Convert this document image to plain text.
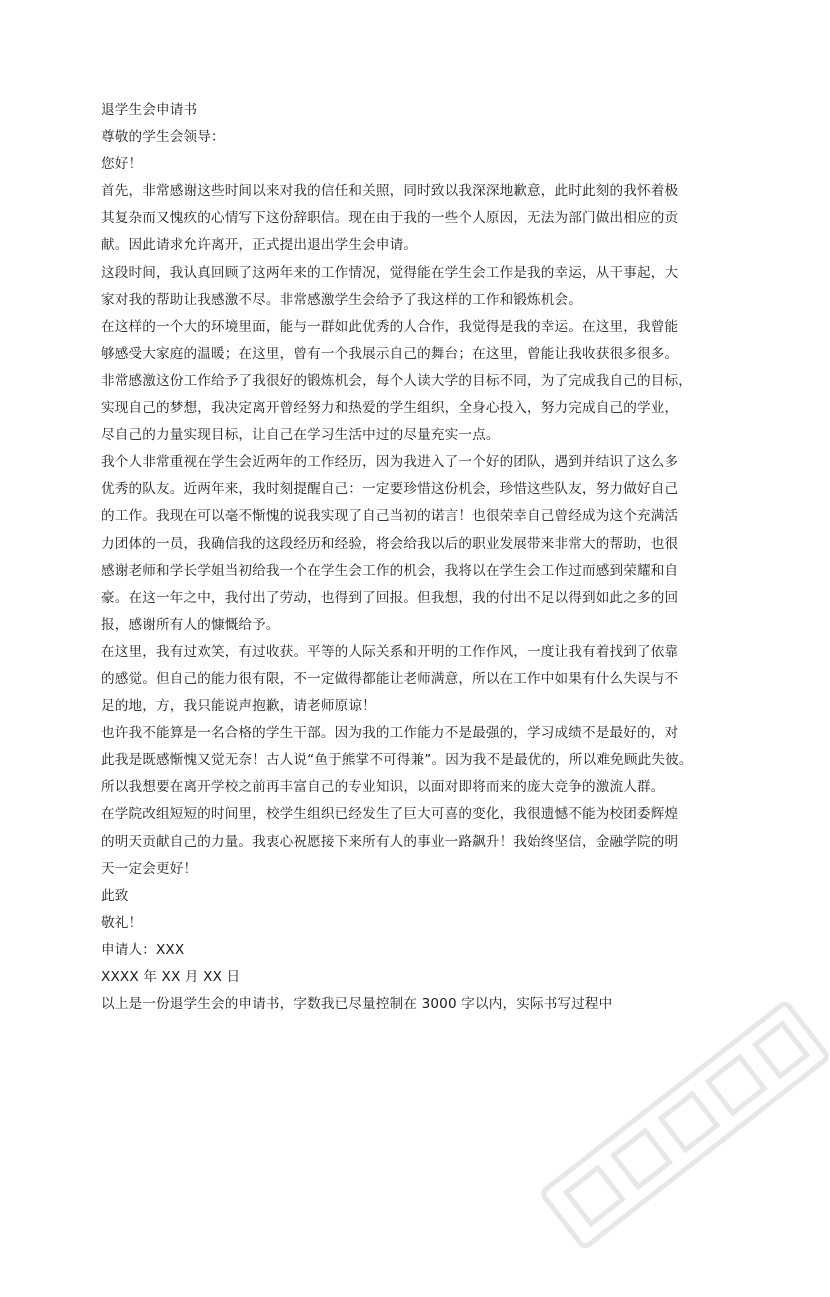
退学生会申请书
尊敬的学生会领导：
您好！
首先，非常感谢这些时间以来对我的信任和关照，同时致以我深深地歉意，此时此刻的我怀着极
其复杂而又愧疚的心情写下这份辞职信。现在由于我的一些个人原因，无法为部门做出相应的贡
献。因此请求允许离开，正式提出退出学生会申请。
这段时间，我认真回顾了这两年来的工作情况，觉得能在学生会工作是我的幸运，从干事起，大
家对我的帮助让我感激不尽。非常感激学生会给予了我这样的工作和锻炼机会。
在这样的一个大的环境里面，能与一群如此优秀的人合作，我觉得是我的幸运。在这里，我曾能
够感受大家庭的温暖；在这里，曾有一个我展示自己的舞台；在这里，曾能让我收获很多很多。
非常感激这份工作给予了我很好的锻炼机会，每个人读大学的目标不同，为了完成我自己的目标，
实现自己的梦想，我决定离开曾经努力和热爱的学生组织，全身心投入，努力完成自己的学业，
尽自己的力量实现目标，让自己在学习生活中过的尽量充实一点。
我个人非常重视在学生会近两年的工作经历，因为我进入了一个好的团队，遇到并结识了这么多
优秀的队友。近两年来，我时刻提醒自己：一定要珍惜这份机会，珍惜这些队友，努力做好自己
的工作。我现在可以毫不惭愧的说我实现了自己当初的诺言！也很荣幸自己曾经成为这个充满活
力团体的一员，我确信我的这段经历和经验，将会给我以后的职业发展带来非常大的帮助，也很
感谢老师和学长学姐当初给我一个在学生会工作的机会，我将以在学生会工作过而感到荣耀和自
豪。在这一年之中，我付出了劳动，也得到了回报。但我想，我的付出不足以得到如此之多的回
报，感谢所有人的慷慨给予。
在这里，我有过欢笑，有过收获。平等的人际关系和开明的工作作风，一度让我有着找到了依靠
的感觉。但自己的能力很有限，不一定做得都能让老师满意，所以在工作中如果有什么失误与不
足的地，方，我只能说声抱歉，请老师原谅！
也许我不能算是一名合格的学生干部。因为我的工作能力不是最强的，学习成绩不是最好的，对
此我是既感惭愧又觉无奈！古人说“鱼于熊掌不可得兼”。因为我不是最优的，所以难免顾此失彼。
所以我想要在离开学校之前再丰富自己的专业知识，以面对即将而来的庞大竞争的激流人群。
在学院改组短短的时间里，校学生组织已经发生了巨大可喜的变化，我很遗憾不能为校团委辉煌
的明天贡献自己的力量。我衷心祝愿接下来所有人的事业一路飙升！我始终坚信，金融学院的明
天一定会更好！
此致
敬礼！
申请人：XXX
XXXX 年 XX 月 XX 日
以上是一份退学生会的申请书，字数我已尽量控制在 3000 字以内，实际书写过程中
